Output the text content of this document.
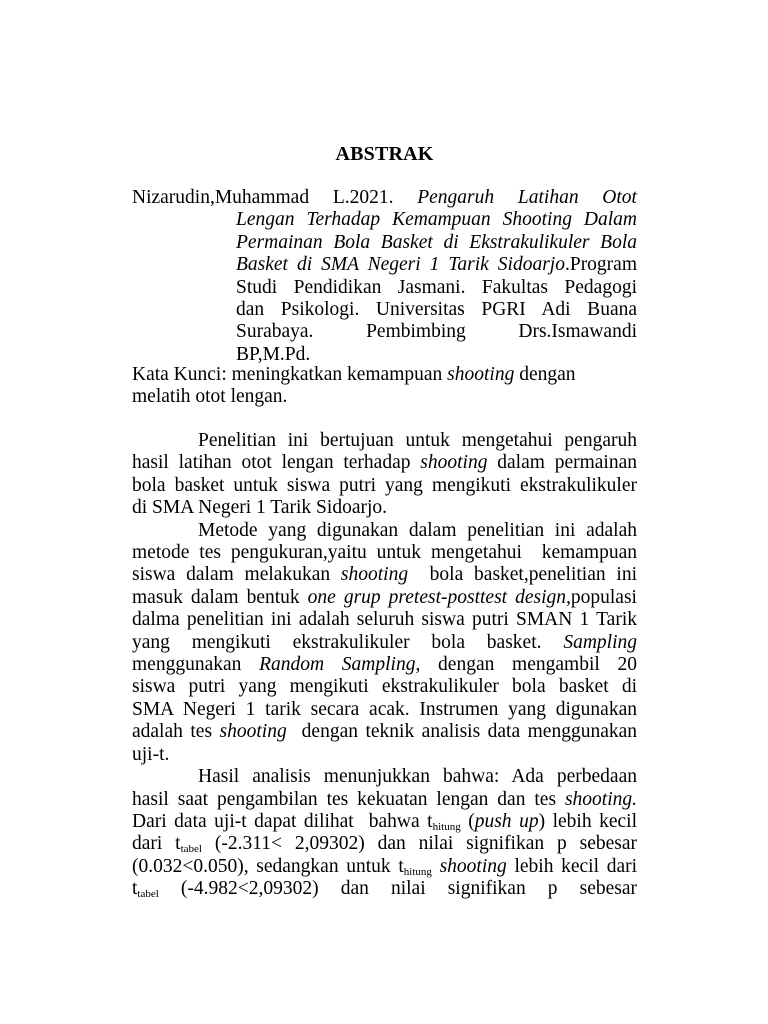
ABSTRAK
Nizarudin,Muhammad L.2021. Pengaruh Latihan Otot
Lengan Terhadap Kemampuan Shooting Dalam
Permainan Bola Basket di Ekstrakulikuler Bola
Basket di SMA Negeri 1 Tarik Sidoarjo.Program
Studi Pendidikan Jasmani. Fakultas Pedagogi
dan Psikologi. Universitas PGRI Adi Buana
Surabaya.        Pembimbing        Drs.Ismawandi
BP,M.Pd.
Kata Kunci: meningkatkan kemampuan shooting dengan
melatih otot lengan.
Penelitian ini bertujuan untuk mengetahui pengaruh
hasil latihan otot lengan terhadap shooting dalam permainan
bola basket untuk siswa putri yang mengikuti ekstrakulikuler
di SMA Negeri 1 Tarik Sidoarjo.
Metode yang digunakan dalam penelitian ini adalah
metode tes pengukuran,yaitu untuk mengetahui  kemampuan
siswa dalam melakukan shooting  bola basket,penelitian ini
masuk dalam bentuk one grup pretest-posttest design,populasi
dalma penelitian ini adalah seluruh siswa putri SMAN 1 Tarik
yang mengikuti ekstrakulikuler bola basket. Sampling
menggunakan Random Sampling, dengan mengambil 20
siswa putri yang mengikuti ekstrakulikuler bola basket di
SMA Negeri 1 tarik secara acak. Instrumen yang digunakan
adalah tes shooting  dengan teknik analisis data menggunakan
uji-t.
Hasil analisis menunjukkan bahwa: Ada perbedaan
hasil saat pengambilan tes kekuatan lengan dan tes shooting.
Dari data uji-t dapat dilihat  bahwa $t_{hitung}$ (push up) lebih kecil
dari $t_{tabel}$ (-2.311< 2,09302) dan nilai signifikan p sebesar
(0.032<0.050), sedangkan untuk $t_{hitung}$ shooting lebih kecil dari
$t_{tabel}$ (-4.982<2,09302) dan nilai signifikan p sebesar
